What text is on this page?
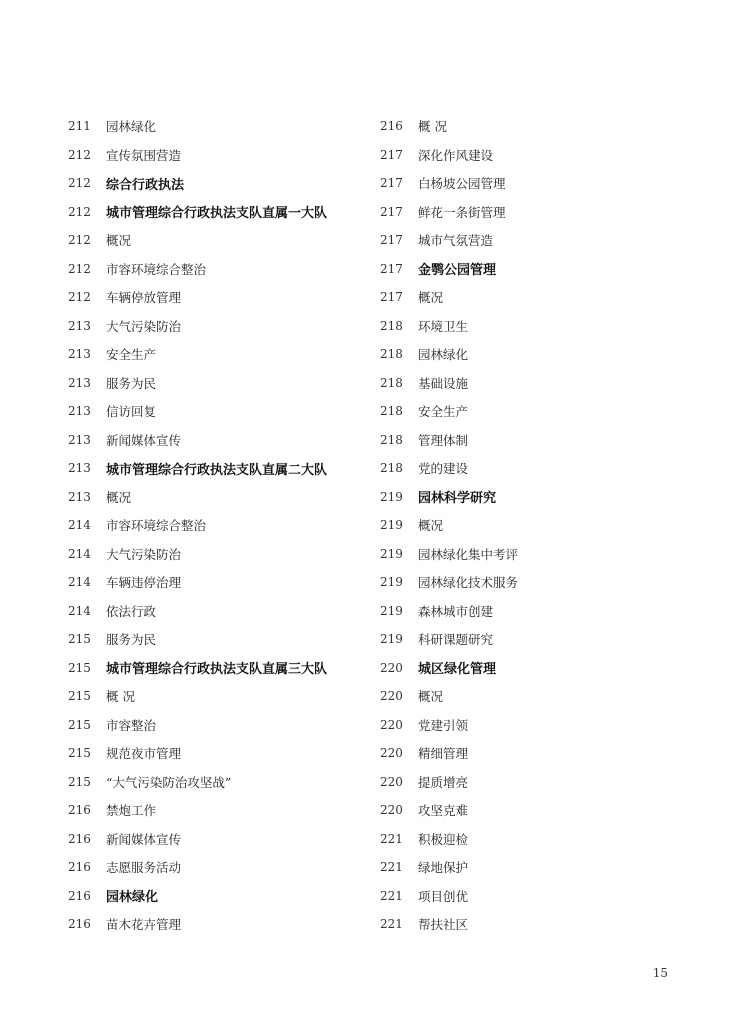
211	园林绿化
212	宣传氛围营造
212	综合行政执法
212	城市管理综合行政执法支队直属一大队
212	概况
212	市容环境综合整治
212	车辆停放管理
213	大气污染防治
213	安全生产
213	服务为民
213	信访回复
213	新闻媒体宣传
213	城市管理综合行政执法支队直属二大队
213	概况
214	市容环境综合整治
214	大气污染防治
214	车辆违停治理
214	依法行政
215	服务为民
215	城市管理综合行政执法支队直属三大队
215	概 况
215	市容整治
215	规范夜市管理
215	“大气污染防治攻坚战”
216	禁炮工作
216	新闻媒体宣传
216	志愿服务活动
216	园林绿化
216	苗木花卉管理
216	概 况
217	深化作风建设
217	白杨坡公园管理
217	鲜花一条街管理
217	城市气氛营造
217	金鹗公园管理
217	概况
218	环境卫生
218	园林绿化
218	基础设施
218	安全生产
218	管理体制
218	党的建设
219	园林科学研究
219	概况
219	园林绿化集中考评
219	园林绿化技术服务
219	森林城市创建
219	科研课题研究
220	城区绿化管理
220	概况
220	党建引领
220	精细管理
220	提质增亮
220	攻坚克难
221	积极迎检
221	绿地保护
221	项目创优
221	帮扶社区
15
